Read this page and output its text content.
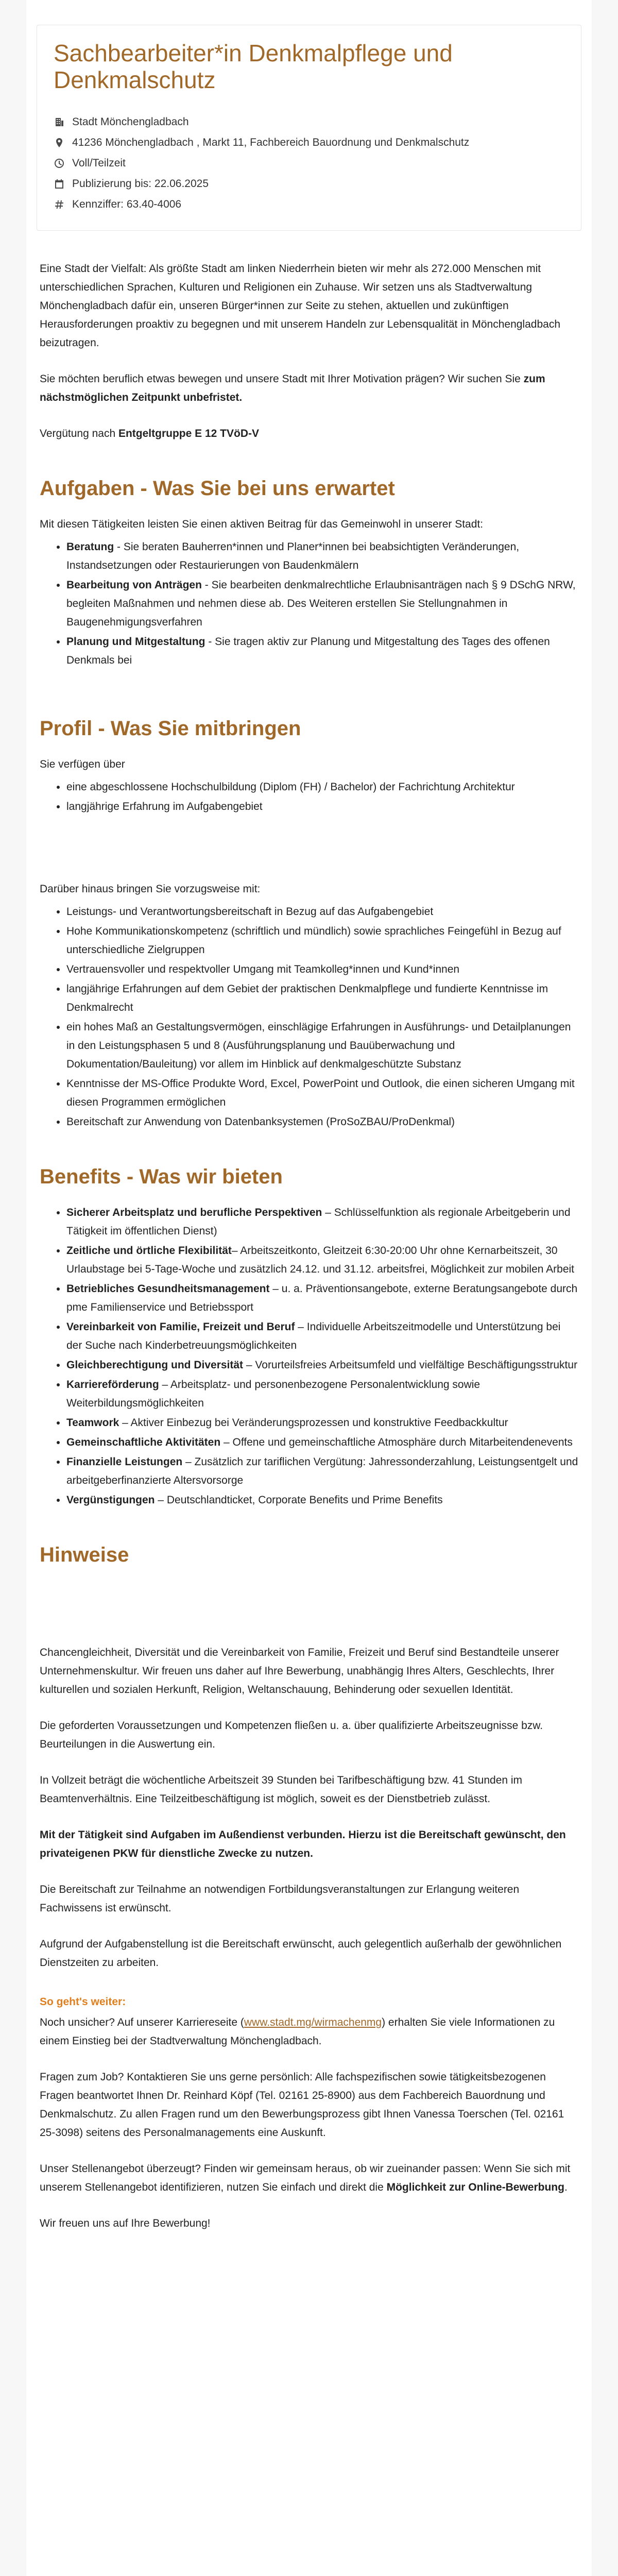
Sachbearbeiter*in Denkmalpflege und Denkmalschutz
Stadt Mönchengladbach
41236 Mönchengladbach , Markt 11, Fachbereich Bauordnung und Denkmalschutz
Voll/Teilzeit
Publizierung bis: 22.06.2025
Kennziffer: 63.40-4006

Eine Stadt der Vielfalt: Als größte Stadt am linken Niederrhein bieten wir mehr als 272.000 Menschen mit unterschiedlichen Sprachen, Kulturen und Religionen ein Zuhause. Wir setzen uns als Stadtverwaltung Mönchengladbach dafür ein, unseren Bürger*innen zur Seite zu stehen, aktuellen und zukünftigen Herausforderungen proaktiv zu begegnen und mit unserem Handeln zur Lebensqualität in Mönchengladbach beizutragen.

Sie möchten beruflich etwas bewegen und unsere Stadt mit Ihrer Motivation prägen? Wir suchen Sie zum nächstmöglichen Zeitpunkt unbefristet.

Vergütung nach Entgeltgruppe E 12 TVöD-V

Aufgaben - Was Sie bei uns erwartet

Mit diesen Tätigkeiten leisten Sie einen aktiven Beitrag für das Gemeinwohl in unserer Stadt:

• Beratung - Sie beraten Bauherren*innen und Planer*innen bei beabsichtigten Veränderungen, Instandsetzungen oder Restaurierungen von Baudenkmälern
• Bearbeitung von Anträgen - Sie bearbeiten denkmalrechtliche Erlaubnisanträgen nach § 9 DSchG NRW, begleiten Maßnahmen und nehmen diese ab. Des Weiteren erstellen Sie Stellungnahmen in Baugenehmigungsverfahren
• Planung und Mitgestaltung - Sie tragen aktiv zur Planung und Mitgestaltung des Tages des offenen Denkmals bei
Profil - Was Sie mitbringen

Sie verfügen über

• eine abgeschlossene Hochschulbildung (Diplom (FH) / Bachelor) der Fachrichtung Architektur
• langjährige Erfahrung im Aufgabengebiet

Darüber hinaus bringen Sie vorzugsweise mit:

• Leistungs- und Verantwortungsbereitschaft in Bezug auf das Aufgabengebiet
• Hohe Kommunikationskompetenz (schriftlich und mündlich) sowie sprachliches Feingefühl in Bezug auf unterschiedliche Zielgruppen
• Vertrauensvoller und respektvoller Umgang mit Teamkolleg*innen und Kund*innen
• langjährige Erfahrungen auf dem Gebiet der praktischen Denkmalpflege und fundierte Kenntnisse im Denkmalrecht
• ein hohes Maß an Gestaltungsvermögen, einschlägige Erfahrungen in Ausführungs- und Detailplanungen in den Leistungsphasen 5 und 8 (Ausführungsplanung und Bauüberwachung und Dokumentation/Bauleitung) vor allem im Hinblick auf denkmalgeschützte Substanz
• Kenntnisse der MS-Office Produkte Word, Excel, PowerPoint und Outlook, die einen sicheren Umgang mit diesen Programmen ermöglichen
• Bereitschaft zur Anwendung von Datenbanksystemen (ProSoZBAU/ProDenkmal)
Benefits - Was wir bieten
• Sicherer Arbeitsplatz und berufliche Perspektiven – Schlüsselfunktion als regionale Arbeitgeberin und Tätigkeit im öffentlichen Dienst)
• Zeitliche und örtliche Flexibilität– Arbeitszeitkonto, Gleitzeit 6:30-20:00 Uhr ohne Kernarbeitszeit, 30 Urlaubstage bei 5-Tage-Woche und zusätzlich 24.12. und 31.12. arbeitsfrei, Möglichkeit zur mobilen Arbeit
• Betriebliches Gesundheitsmanagement – u. a. Präventionsangebote, externe Beratungsangebote durch pme Familienservice und Betriebssport
• Vereinbarkeit von Familie, Freizeit und Beruf – Individuelle Arbeitszeitmodelle und Unterstützung bei der Suche nach Kinderbetreuungsmöglichkeiten
• Gleichberechtigung und Diversität – Vorurteilsfreies Arbeitsumfeld und vielfältige Beschäftigungsstruktur
• Karriereförderung – Arbeitsplatz- und personenbezogene Personalentwicklung sowie Weiterbildungsmöglichkeiten
• Teamwork – Aktiver Einbezug bei Veränderungsprozessen und konstruktive Feedbackkultur
• Gemeinschaftliche Aktivitäten – Offene und gemeinschaftliche Atmosphäre durch Mitarbeitendenevents
• Finanzielle Leistungen – Zusätzlich zur tariflichen Vergütung: Jahressonderzahlung, Leistungsentgelt und arbeitgeberfinanzierte Altersvorsorge
• Vergünstigungen – Deutschlandticket, Corporate Benefits und Prime Benefits
Hinweise

Chancengleichheit, Diversität und die Vereinbarkeit von Familie, Freizeit und Beruf sind Bestandteile unserer Unternehmenskultur. Wir freuen uns daher auf Ihre Bewerbung, unabhängig Ihres Alters, Geschlechts, Ihrer kulturellen und sozialen Herkunft, Religion, Weltanschauung, Behinderung oder sexuellen Identität.

Die geforderten Voraussetzungen und Kompetenzen fließen u. a. über qualifizierte Arbeitszeugnisse bzw. Beurteilungen in die Auswertung ein.

In Vollzeit beträgt die wöchentliche Arbeitszeit 39 Stunden bei Tarifbeschäftigung bzw. 41 Stunden im Beamtenverhältnis. Eine Teilzeitbeschäftigung ist möglich, soweit es der Dienstbetrieb zulässt.

Mit der Tätigkeit sind Aufgaben im Außendienst verbunden. Hierzu ist die Bereitschaft gewünscht, den privateigenen PKW für dienstliche Zwecke zu nutzen.

Die Bereitschaft zur Teilnahme an notwendigen Fortbildungsveranstaltungen zur Erlangung weiteren Fachwissens ist erwünscht.

Aufgrund der Aufgabenstellung ist die Bereitschaft erwünscht, auch gelegentlich außerhalb der gewöhnlichen Dienstzeiten zu arbeiten.

So geht's weiter:

Noch unsicher? Auf unserer Karriereseite (www.stadt.mg/wirmachenmg) erhalten Sie viele Informationen zu einem Einstieg bei der Stadtverwaltung Mönchengladbach.

Fragen zum Job? Kontaktieren Sie uns gerne persönlich: Alle fachspezifischen sowie tätigkeitsbezogenen Fragen beantwortet Ihnen Dr. Reinhard Köpf (Tel. 02161 25-8900) aus dem Fachbereich Bauordnung und Denkmalschutz. Zu allen Fragen rund um den Bewerbungsprozess gibt Ihnen Vanessa Toerschen (Tel. 02161 25-3098) seitens des Personalmanagements eine Auskunft.

Unser Stellenangebot überzeugt? Finden wir gemeinsam heraus, ob wir zueinander passen: Wenn Sie sich mit unserem Stellenangebot identifizieren, nutzen Sie einfach und direkt die Möglichkeit zur Online-Bewerbung.

Wir freuen uns auf Ihre Bewerbung!
